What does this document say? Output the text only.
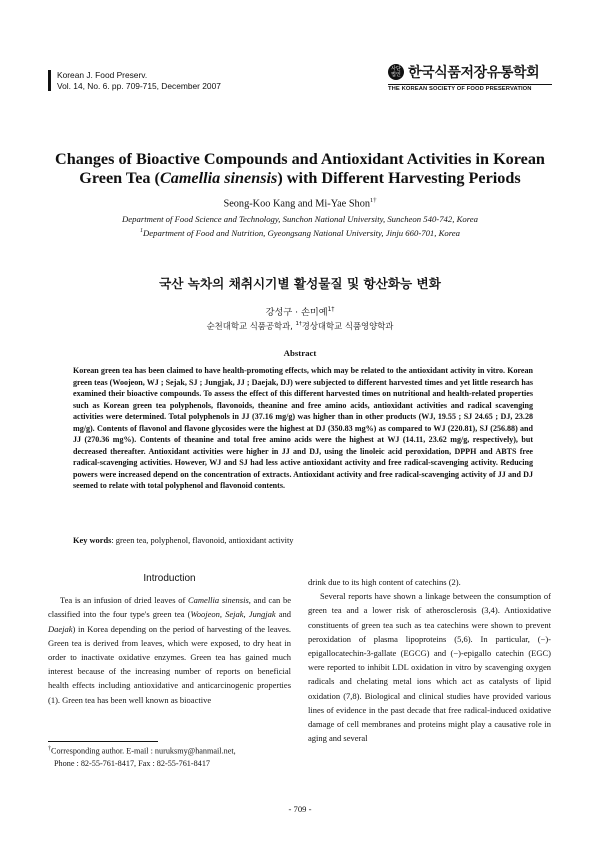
Korean J. Food Preserv.
Vol. 14, No. 6. pp. 709-715, December 2007
사단
법인 한국식품저장유통학회
THE KOREAN SOCIETY OF FOOD PRESERVATION
Changes of Bioactive Compounds and Antioxidant Activities in Korean
Green Tea (Camellia sinensis) with Different Harvesting Periods
Seong-Koo Kang and Mi-Yae Shon$^{1\dagger}$
Department of Food Science and Technology, Sunchon National University, Suncheon 540-742, Korea
$^1$Department of Food and Nutrition, Gyeongsang National University, Jinju 660-701, Korea
국산 녹차의 채취시기별 활성물질 및 항산화능 변화
강성구 · 손미예$^{1\dagger}$
순천대학교 식품공학과, $^{1\dagger}$경상대학교 식품영양학과
Abstract
Korean green tea has been claimed to have health-promoting effects, which may be related to the antioxidant activity in vitro. Korean green teas (Woojeon, WJ ; Sejak, SJ ; Jungjak, JJ ; Daejak, DJ) were subjected to different harvested times and yet little research has examined their bioactive compounds. To assess the effect of this different harvested times on nutritional and health-related properties such as Korean green tea polyphenols, flavonoids, theanine and free amino acids, antioxidant activities and radical scavenging activities were determined. Total polyphenols in JJ (37.16 mg/g) was higher than in other products (WJ, 19.55 ; SJ 24.65 ; DJ, 23.28 mg/g). Contents of flavonol and flavone glycosides were the highest at DJ (350.83 mg%) as compared to WJ (220.81), SJ (256.88) and JJ (270.36 mg%). Contents of theanine and total free amino acids were the highest at WJ (14.11, 23.62 mg/g, respectively), but decreased thereafter. Antioxidant activities were higher in JJ and DJ, using the linoleic acid peroxidation, DPPH and ABTS free radical-scavenging activities. However, WJ and SJ had less active antioxidant activity and free radical-scavenging activity. Reducing powers were increased depend on the concentration of extracts. Antioxidant activity and free radical-scavenging activity of JJ and DJ seemed to relate with total polyphenol and flavonoid contents.
Key words: green tea, polyphenol, flavonoid, antioxidant activity
Introduction

Tea is an infusion of dried leaves of Camellia sinensis, and can be classified into the four type's green tea (Woojeon, Sejak, Jungjak and Daejak) in Korea depending on the period of harvesting of the leaves. Green tea is derived from leaves, which were exposed, to dry heat in order to inactivate oxidative enzymes. Green tea has gained much interest because of the increasing number of reports on beneficial health effects including antioxidative and anticarcinogenic properties (1). Green tea has been well known as bioactive

drink due to its high content of catechins (2).

Several reports have shown a linkage between the consumption of green tea and a lower risk of atherosclerosis (3,4). Antioxidative constituents of green tea such as tea catechins were shown to prevent peroxidation of plasma lipoproteins (5,6). In particular, (−)-epigallocatechin-3-gallate (EGCG) and (−)-epigallo catechin (EGC) were reported to inhibit LDL oxidation in vitro by scavenging oxygen radicals and chelating metal ions which act as catalysts of lipid oxidation (7,8). Biological and clinical studies have provided various lines of evidence in the past decade that free radical-induced oxidative damage of cell membranes and proteins might play a causative role in aging and several

†Corresponding author. E-mail : nuruksmy@hanmail.net,
Phone : 82-55-761-8417, Fax : 82-55-761-8417
- 709 -
